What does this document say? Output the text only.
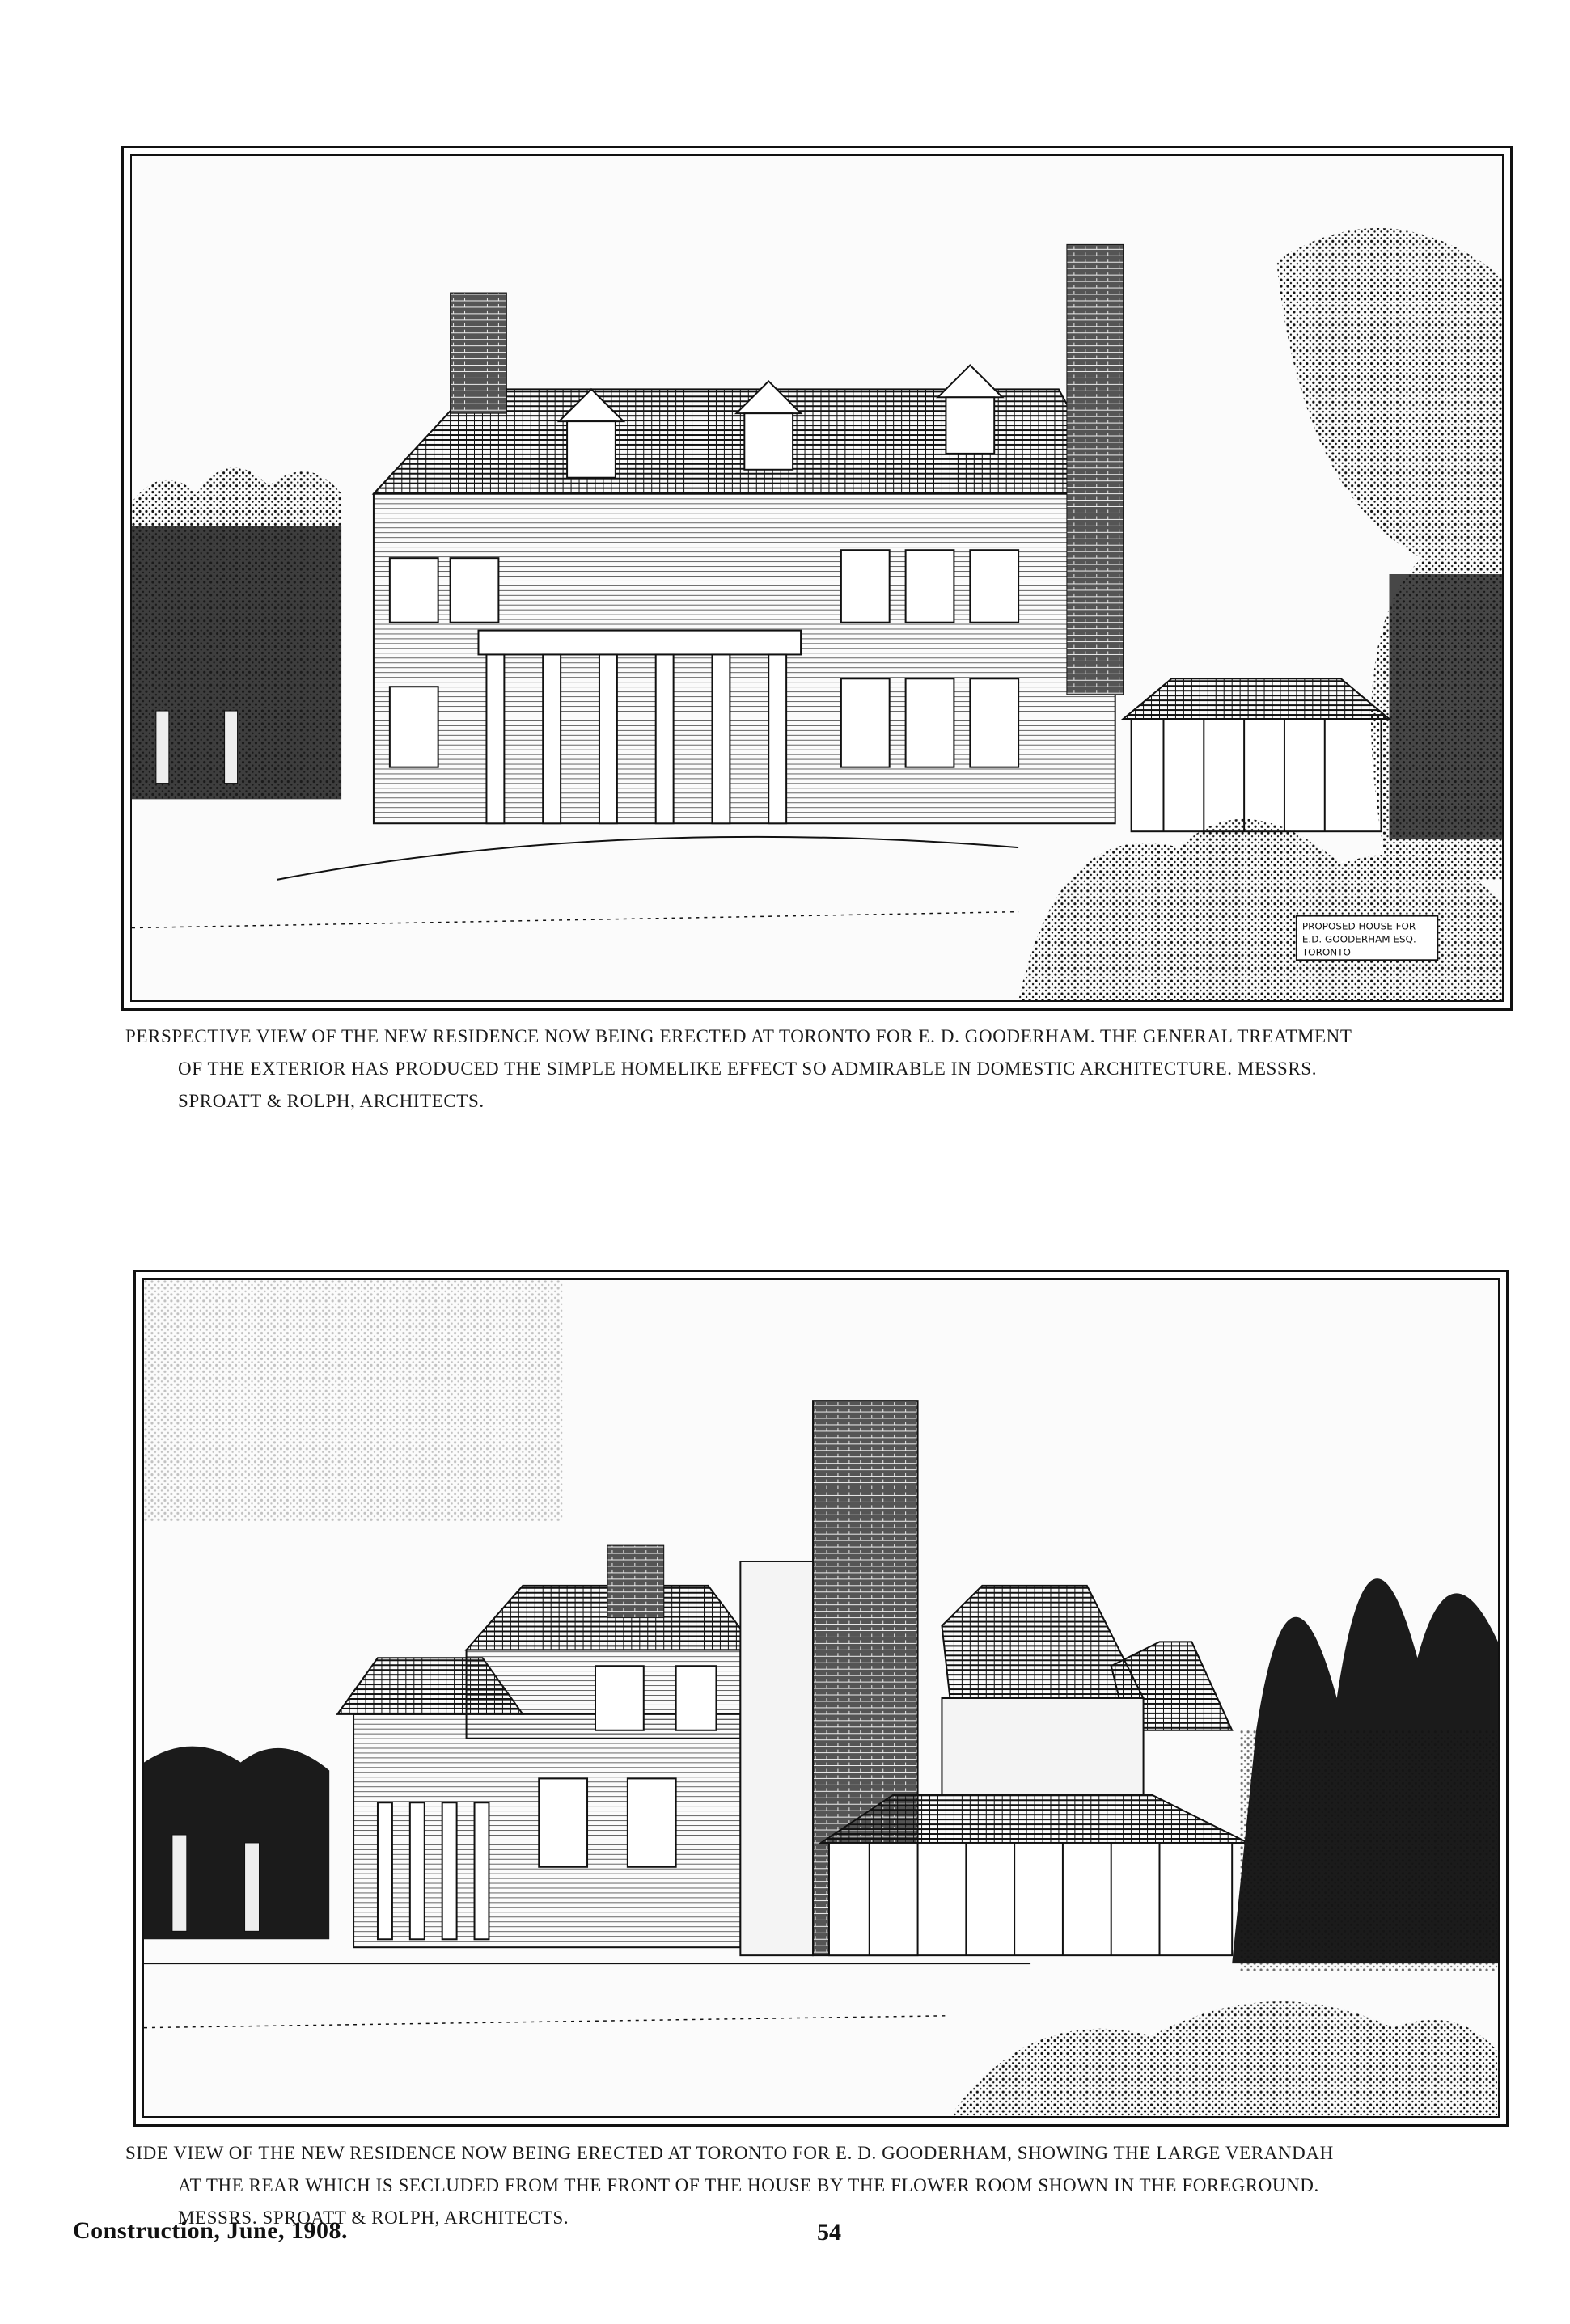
PROPOSED HOUSE FOR
E.D. GOODERHAM ESQ.
TORONTO
PERSPECTIVE VIEW OF THE NEW RESIDENCE NOW BEING ERECTED AT TORONTO FOR E. D. GOODERHAM. THE GENERAL TREATMENT
OF THE EXTERIOR HAS PRODUCED THE SIMPLE HOMELIKE EFFECT SO ADMIRABLE IN DOMESTIC ARCHITECTURE. MESSRS.
SPROATT & ROLPH, ARCHITECTS.
SIDE VIEW OF THE NEW RESIDENCE NOW BEING ERECTED AT TORONTO FOR E. D. GOODERHAM, SHOWING THE LARGE VERANDAH
AT THE REAR WHICH IS SECLUDED FROM THE FRONT OF THE HOUSE BY THE FLOWER ROOM SHOWN IN THE FOREGROUND.
MESSRS. SPROATT & ROLPH, ARCHITECTS.
Construction, June, 1908.	54
